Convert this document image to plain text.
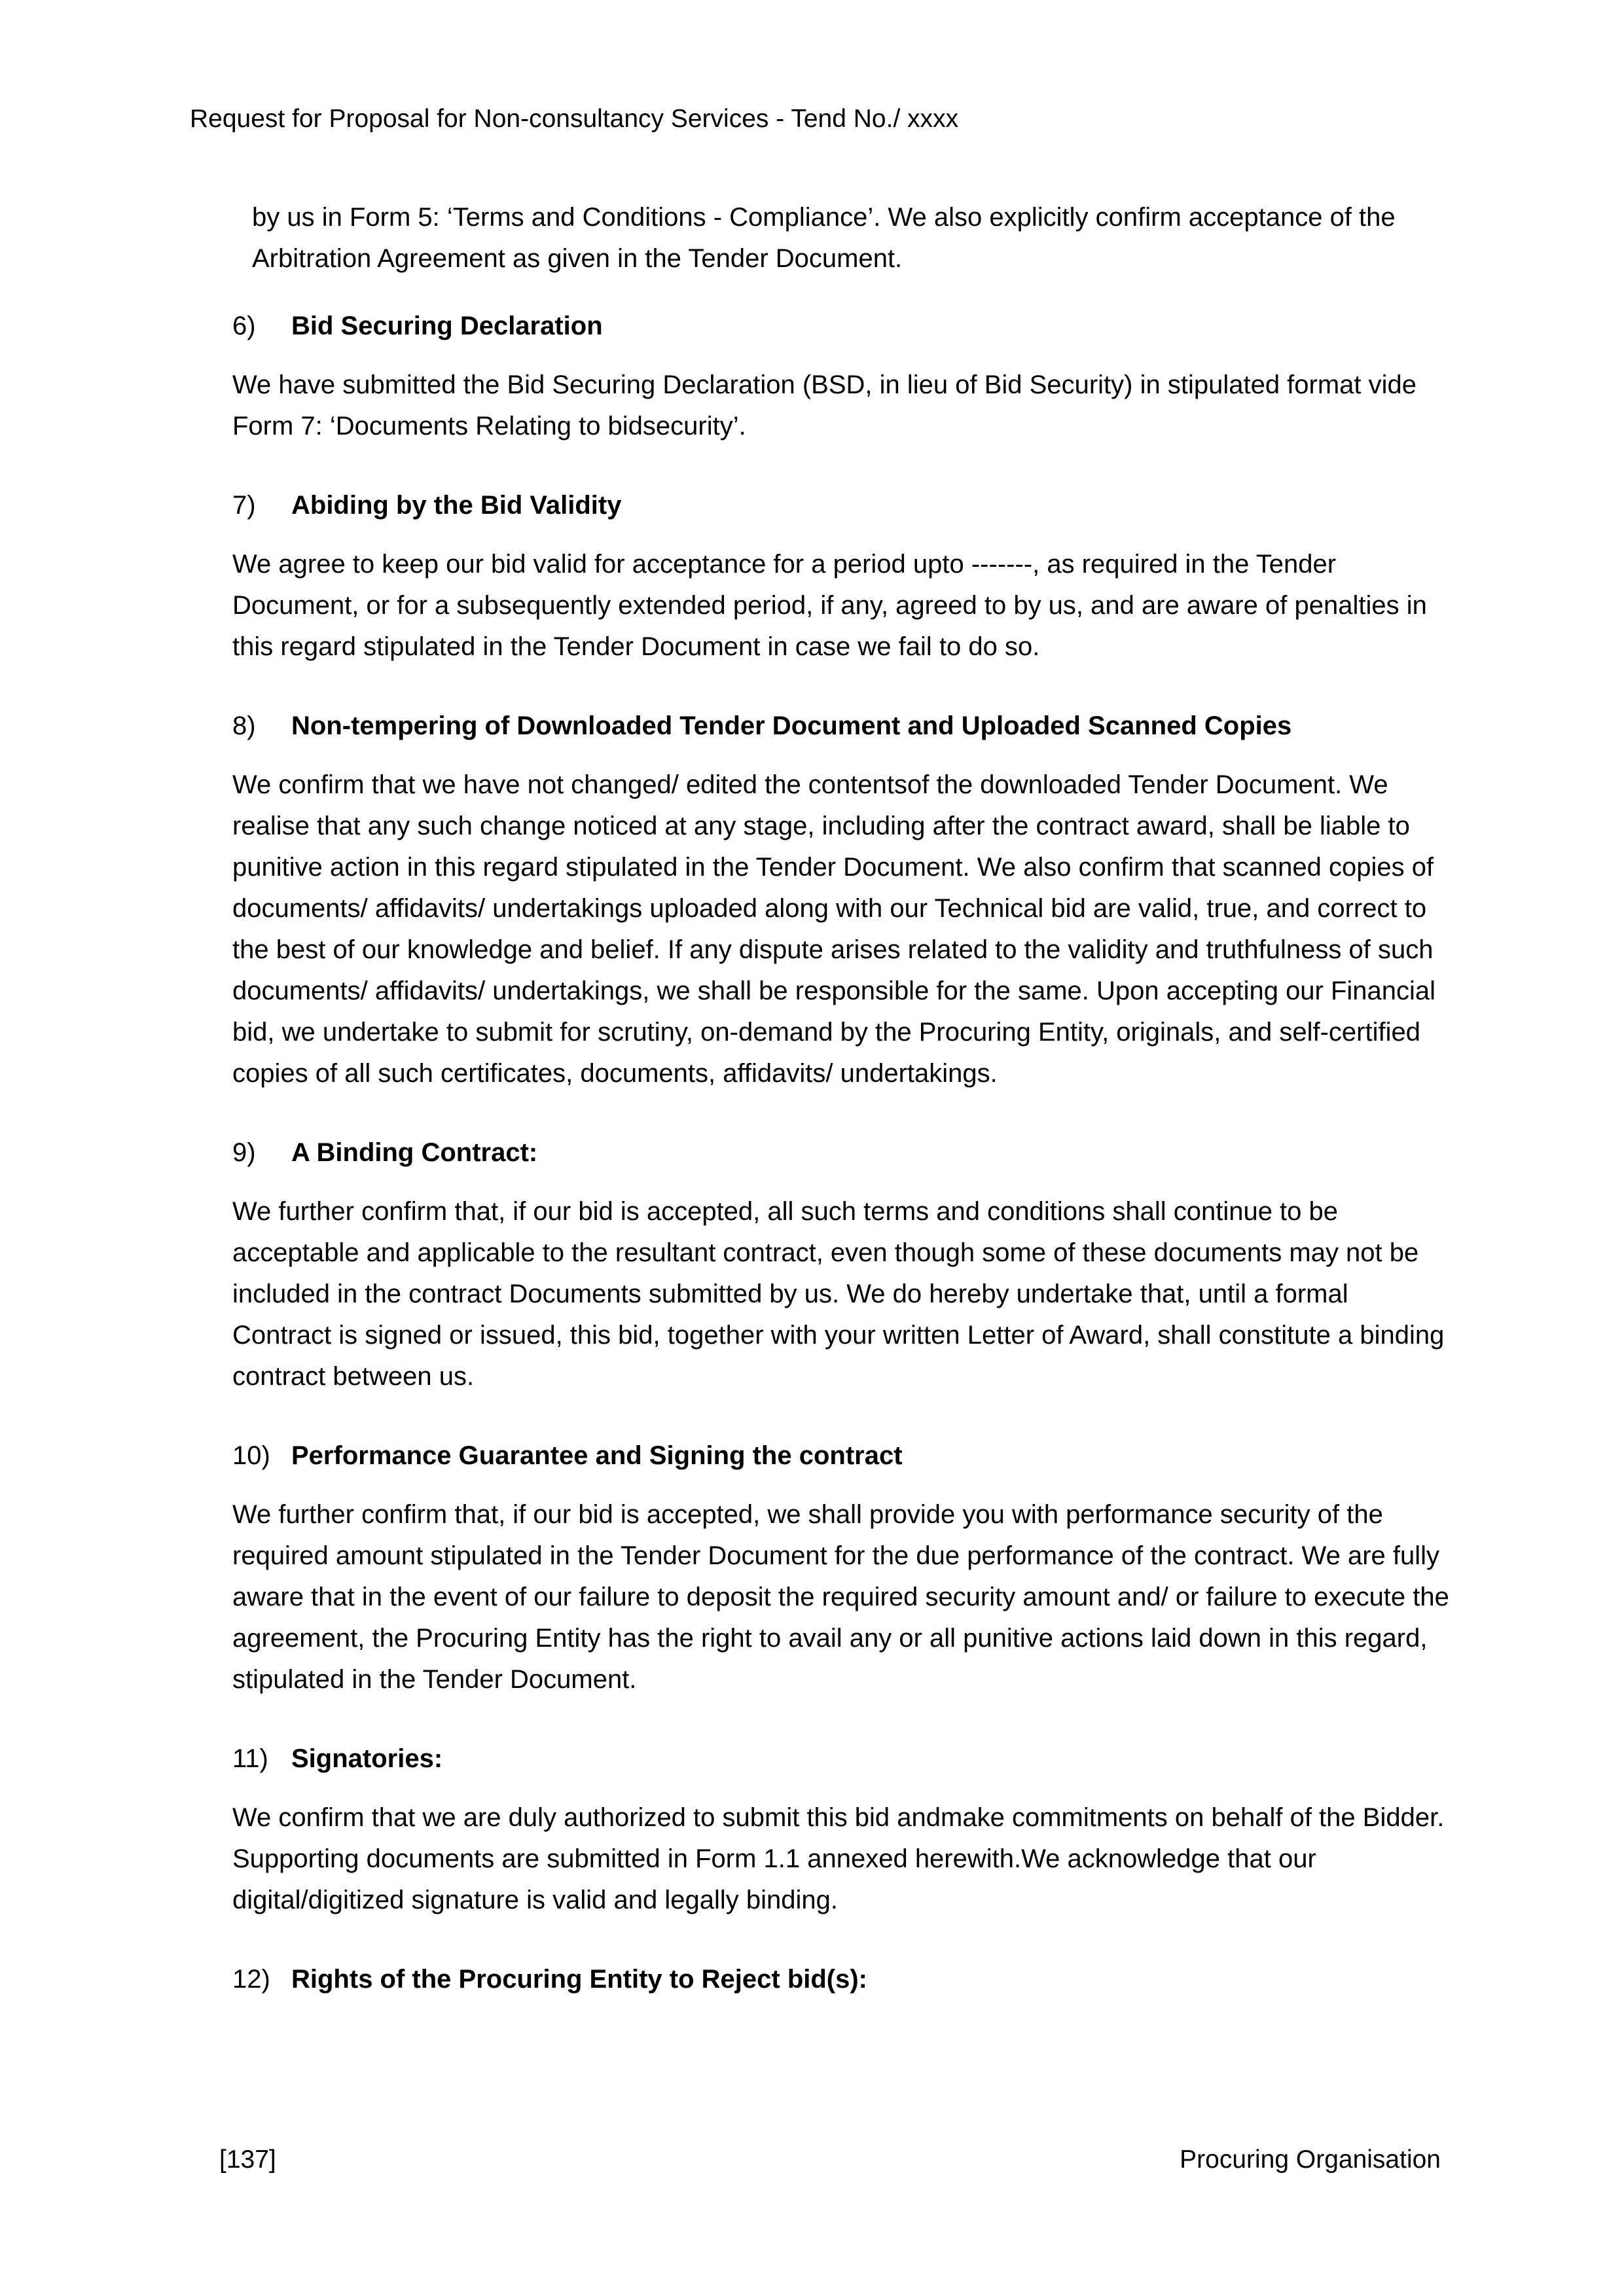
Request for Proposal for Non-consultancy Services - Tend No./ xxxx

by us in Form 5: ‘Terms and Conditions - Compliance’. We also explicitly confirm acceptance of the Arbitration Agreement as given in the Tender Document.

6)	Bid Securing Declaration

We have submitted the Bid Securing Declaration (BSD, in lieu of Bid Security) in stipulated format vide Form 7: ‘Documents Relating to bidsecurity’.

7)	Abiding by the Bid Validity

We agree to keep our bid valid for acceptance for a period upto -------, as required in the Tender Document, or for a subsequently extended period, if any, agreed to by us, and are aware of penalties in this regard stipulated in the Tender Document in case we fail to do so.

8)	Non-tempering of Downloaded Tender Document and Uploaded Scanned Copies

We confirm that we have not changed/ edited the contentsof the downloaded Tender Document. We realise that any such change noticed at any stage, including after the contract award, shall be liable to punitive action in this regard stipulated in the Tender Document. We also confirm that scanned copies of documents/ affidavits/ undertakings uploaded along with our Technical bid are valid, true, and correct to the best of our knowledge and belief. If any dispute arises related to the validity and truthfulness of such documents/ affidavits/ undertakings, we shall be responsible for the same. Upon accepting our Financial bid, we undertake to submit for scrutiny, on-demand by the Procuring Entity, originals, and self-certified copies of all such certificates, documents, affidavits/ undertakings.

9)	A Binding Contract:

We further confirm that, if our bid is accepted, all such terms and conditions shall continue to be acceptable and applicable to the resultant contract, even though some of these documents may not be included in the contract Documents submitted by us. We do hereby undertake that, until a formal Contract is signed or issued, this bid, together with your written Letter of Award, shall constitute a binding contract between us.

10) Performance Guarantee and Signing the contract

We further confirm that, if our bid is accepted, we shall provide you with performance security of the required amount stipulated in the Tender Document for the due performance of the contract. We are fully aware that in the event of our failure to deposit the required security amount and/ or failure to execute the agreement, the Procuring Entity has the right to avail any or all punitive actions laid down in this regard, stipulated in the Tender Document.

11) Signatories:

We confirm that we are duly authorized to submit this bid andmake commitments on behalf of the Bidder. Supporting documents are submitted in Form 1.1 annexed herewith.We acknowledge that our digital/digitized signature is valid and legally binding.

12) Rights of the Procuring Entity to Reject bid(s):
[137]	Procuring Organisation
